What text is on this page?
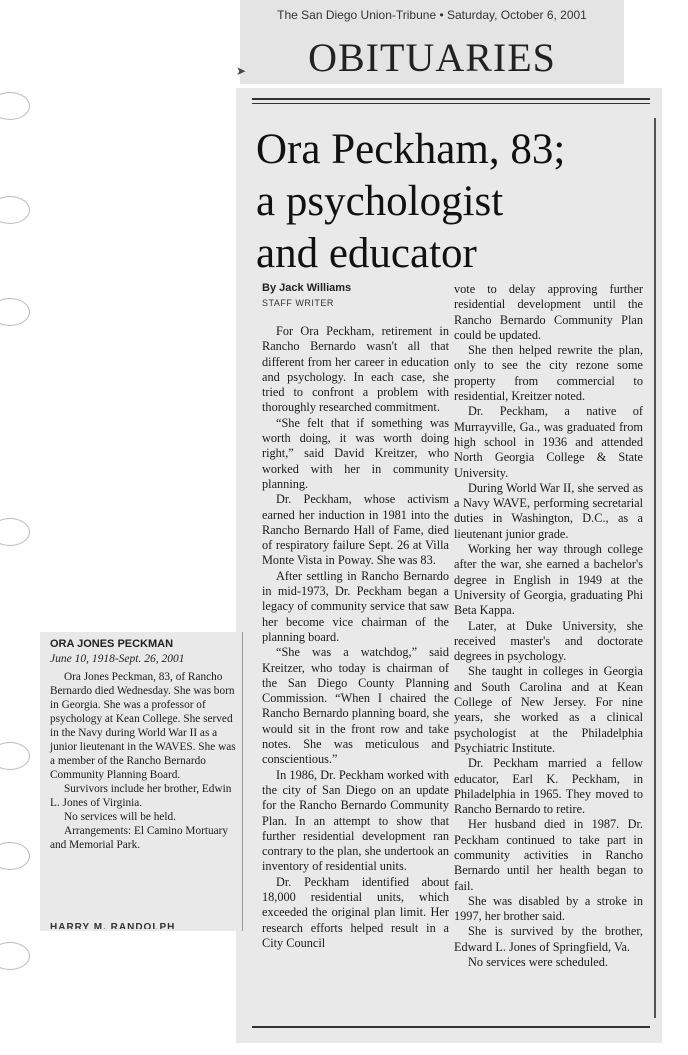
The San Diego Union-Tribune • Saturday, October 6, 2001
OBITUARIES
➤
Ora Peckham, 83;
a psychologist
and educator
By Jack Williams
STAFF WRITER

For Ora Peckham, retirement in Rancho Bernardo wasn't all that different from her career in education and psychology. In each case, she tried to confront a problem with thoroughly researched commitment.

“She felt that if something was worth doing, it was worth doing right,” said David Kreitzer, who worked with her in community planning.

Dr. Peckham, whose activism earned her induction in 1981 into the Rancho Bernardo Hall of Fame, died of respiratory failure Sept. 26 at Villa Monte Vista in Poway. She was 83.

After settling in Rancho Bernardo in mid-1973, Dr. Peckham began a legacy of community service that saw her become vice chairman of the planning board.

“She was a watchdog,” said Kreitzer, who today is chairman of the San Diego County Planning Commission. “When I chaired the Rancho Bernardo planning board, she would sit in the front row and take notes. She was meticulous and conscientious.”

In 1986, Dr. Peckham worked with the city of San Diego on an update for the Rancho Bernardo Community Plan. In an attempt to show that further residential development ran contrary to the plan, she undertook an inventory of residential units.

Dr. Peckham identified about 18,000 residential units, which exceeded the original plan limit. Her research efforts helped result in a City Council

vote to delay approving further residential development until the Rancho Bernardo Community Plan could be updated.

She then helped rewrite the plan, only to see the city rezone some property from commercial to residential, Kreitzer noted.

Dr. Peckham, a native of Murrayville, Ga., was graduated from high school in 1936 and attended North Georgia College & State University.

During World War II, she served as a Navy WAVE, performing secretarial duties in Washington, D.C., as a lieutenant junior grade.

Working her way through college after the war, she earned a bachelor's degree in English in 1949 at the University of Georgia, graduating Phi Beta Kappa.

Later, at Duke University, she received master's and doctorate degrees in psychology.

She taught in colleges in Georgia and South Carolina and at Kean College of New Jersey. For nine years, she worked as a clinical psychologist at the Philadelphia Psychiatric Institute.

Dr. Peckham married a fellow educator, Earl K. Peckham, in Philadelphia in 1965. They moved to Rancho Bernardo to retire.

Her husband died in 1987. Dr. Peckham continued to take part in community activities in Rancho Bernardo until her health began to fail.

She was disabled by a stroke in 1997, her brother said.

She is survived by the brother, Edward L. Jones of Springfield, Va.

No services were scheduled.

ORA JONES PECKMAN
June 10, 1918-Sept. 26, 2001

Ora Jones Peckman, 83, of Rancho Bernardo died Wednesday. She was born in Georgia. She was a professor of psychology at Kean College. She served in the Navy during World War II as a junior lieutenant in the WAVES. She was a member of the Rancho Bernardo Community Planning Board.

Survivors include her brother, Edwin L. Jones of Virginia.

No services will be held.

Arrangements: El Camino Mortuary and Memorial Park.

HARRY M. RANDOLPH
